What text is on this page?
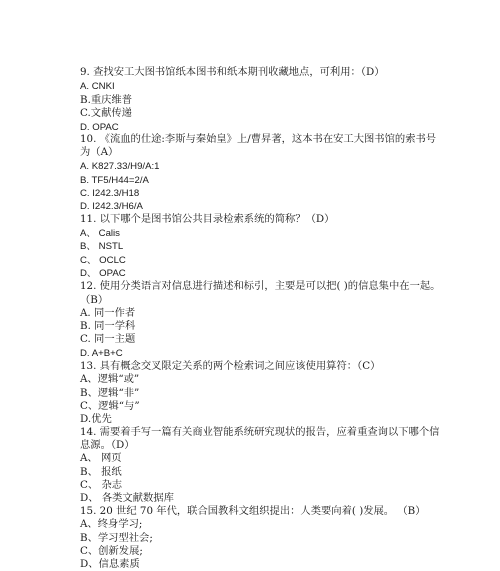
9. 查找安工大图书馆纸本图书和纸本期刊收藏地点，可利用：（D）
A. CNKI
B.重庆维普
C.文献传递
D. OPAC
10. 《流血的仕途:李斯与秦始皇》上/曹昇著，这本书在安工大图书馆的索书号
为（A）
A. K827.33/H9/A:1
B. TF5/H44=2/A
C. I242.3/H18
D. I242.3/H6/A
11. 以下哪个是图书馆公共目录检索系统的简称？（D）
A、 Calis
B、 NSTL
C、 OCLC
D、 OPAC
12. 使用分类语言对信息进行描述和标引，主要是可以把( )的信息集中在一起。
（B）
A. 同一作者
B. 同一学科
C. 同一主题
D. A+B+C
13. 具有概念交叉限定关系的两个检索词之间应该使用算符：（C）
A、逻辑“或”
B、逻辑“非”
C、逻辑“与”
D.优先
14. 需要着手写一篇有关商业智能系统研究现状的报告，应着重查询以下哪个信
息源。（D）
A、 网页
B、 报纸
C、 杂志
D、 各类文献数据库
15. 20 世纪 70 年代，联合国教科文组织提出：人类要向着( )发展。 （B）
A、终身学习;
B、学习型社会;
C、创新发展;
D、信息素质
